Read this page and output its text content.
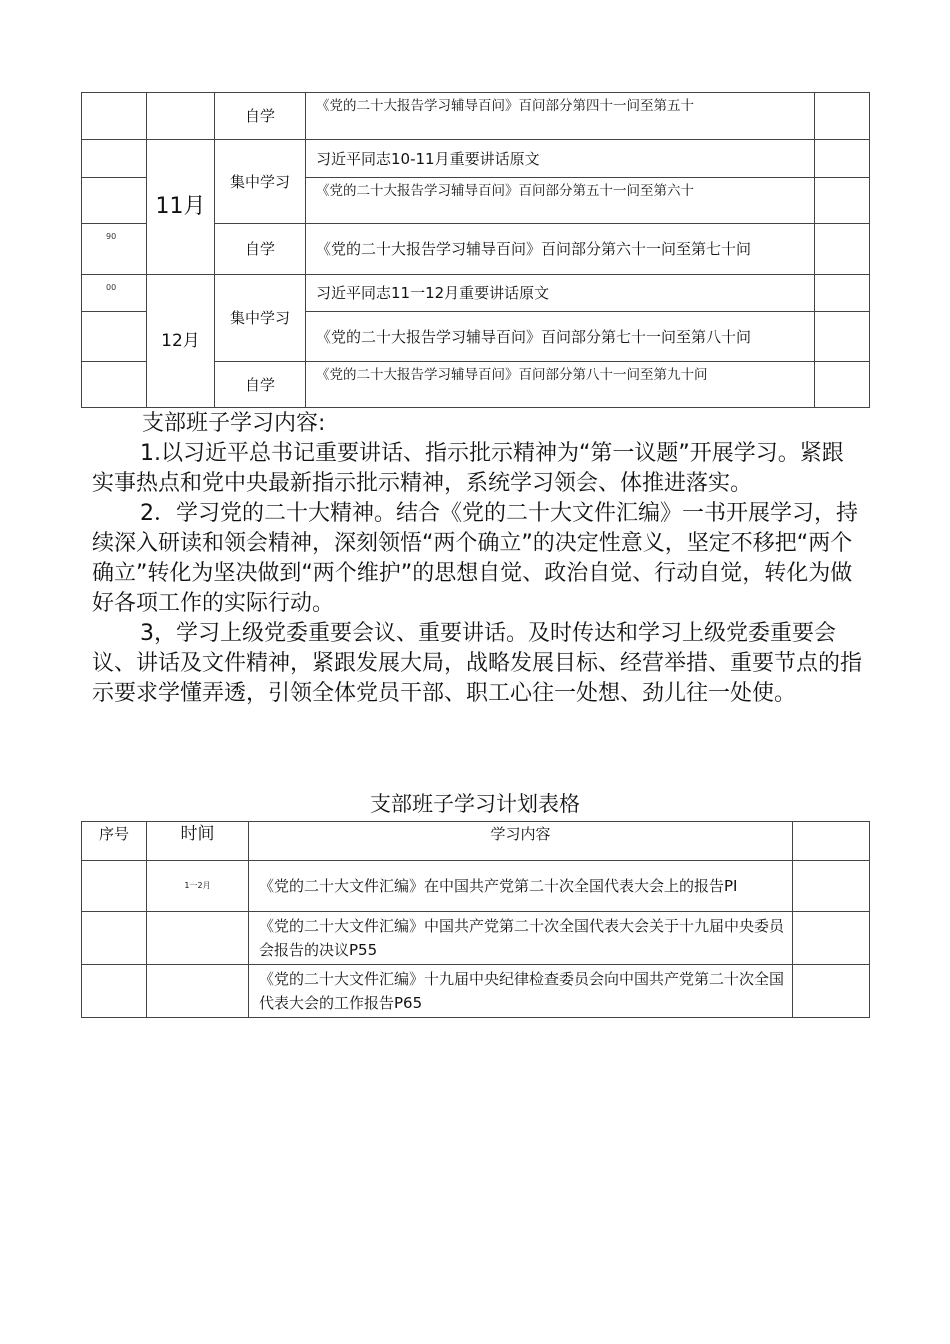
		自学	《党的二十大报告学习辅导百问》百问部分第四十一问至第五十	
	11月	集中学习	习近平同志10-11月重要讲话原文	
			《党的二十大报告学习辅导百问》百问部分第五十一问至第六十	
90		自学	《党的二十大报告学习辅导百问》百问部分第六十一问至第七十问	
00	12月	集中学习	习近平同志11一12月重要讲话原文	
			《党的二十大报告学习辅导百问》百问部分第七十一问至第八十问	
		自学	《党的二十大报告学习辅导百问》百问部分第八十一问至第九十问	
支部班子学习内容:

1.以习近平总书记重要讲话、指示批示精神为“第一议题”开展学习。紧跟实事热点和党中央最新指示批示精神，系统学习领会、体推进落实。

2．学习党的二十大精神。结合《党的二十大文件汇编》一书开展学习，持续深入研读和领会精神，深刻领悟“两个确立”的决定性意义，坚定不移把“两个确立”转化为坚决做到“两个维护”的思想自觉、政治自觉、行动自觉，转化为做好各项工作的实际行动。

3，学习上级党委重要会议、重要讲话。及时传达和学习上级党委重要会议、讲话及文件精神，紧跟发展大局，战略发展目标、经营举措、重要节点的指示要求学懂弄透，引领全体党员干部、职工心往一处想、劲儿往一处使。

支部班子学习计划表格
序号	时间	学习内容	
	1一2月	《党的二十大文件汇编》在中国共产党第二十次全国代表大会上的报告PI	
		《党的二十大文件汇编》中国共产党第二十次全国代表大会关于十九届中央委员会报告的决议P55	
		《党的二十大文件汇编》十九届中央纪律检查委员会向中国共产党第二十次全国代表大会的工作报告P65	
